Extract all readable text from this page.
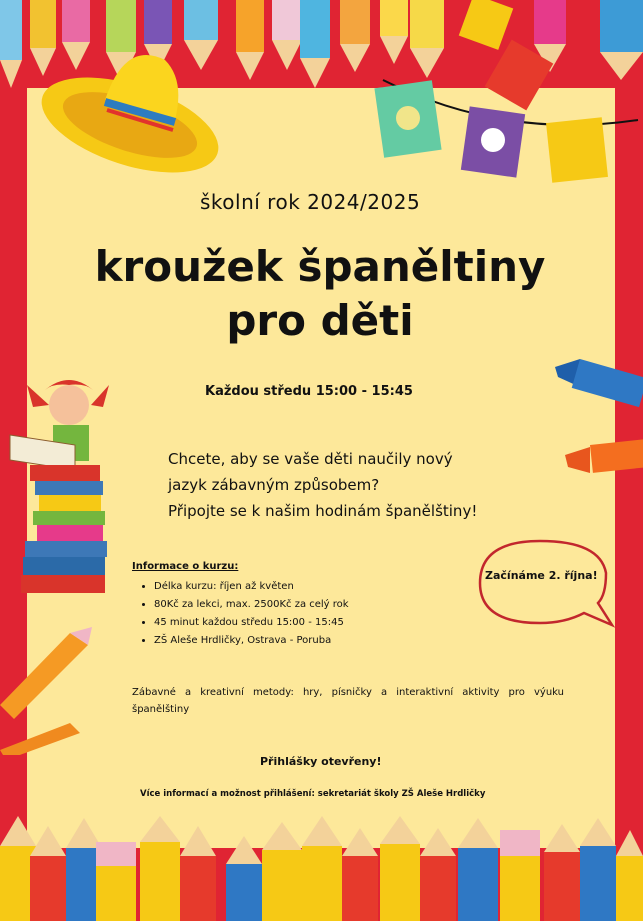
školní rok 2024/2025
kroužek španěltiny
pro děti
Každou středu 15:00 - 15:45
Chcete, aby se vaše děti naučily nový
jazyk zábavným způsobem?
Připojte se k našim hodinám španělštiny!
Informace o kurzu:
• Délka kurzu: říjen až květen
• 80Kč za lekci, max. 2500Kč za celý rok
• 45 minut každou středu 15:00 - 15:45
• ZŠ Aleše Hrdličky, Ostrava - Poruba
Začínáme 2. října!
Zábavné a kreativní metody: hry, písničky a interaktivní aktivity pro výuku španělštiny
Přihlášky otevřeny!
Více informací a možnost přihlášení: sekretariát školy ZŠ Aleše Hrdličky
